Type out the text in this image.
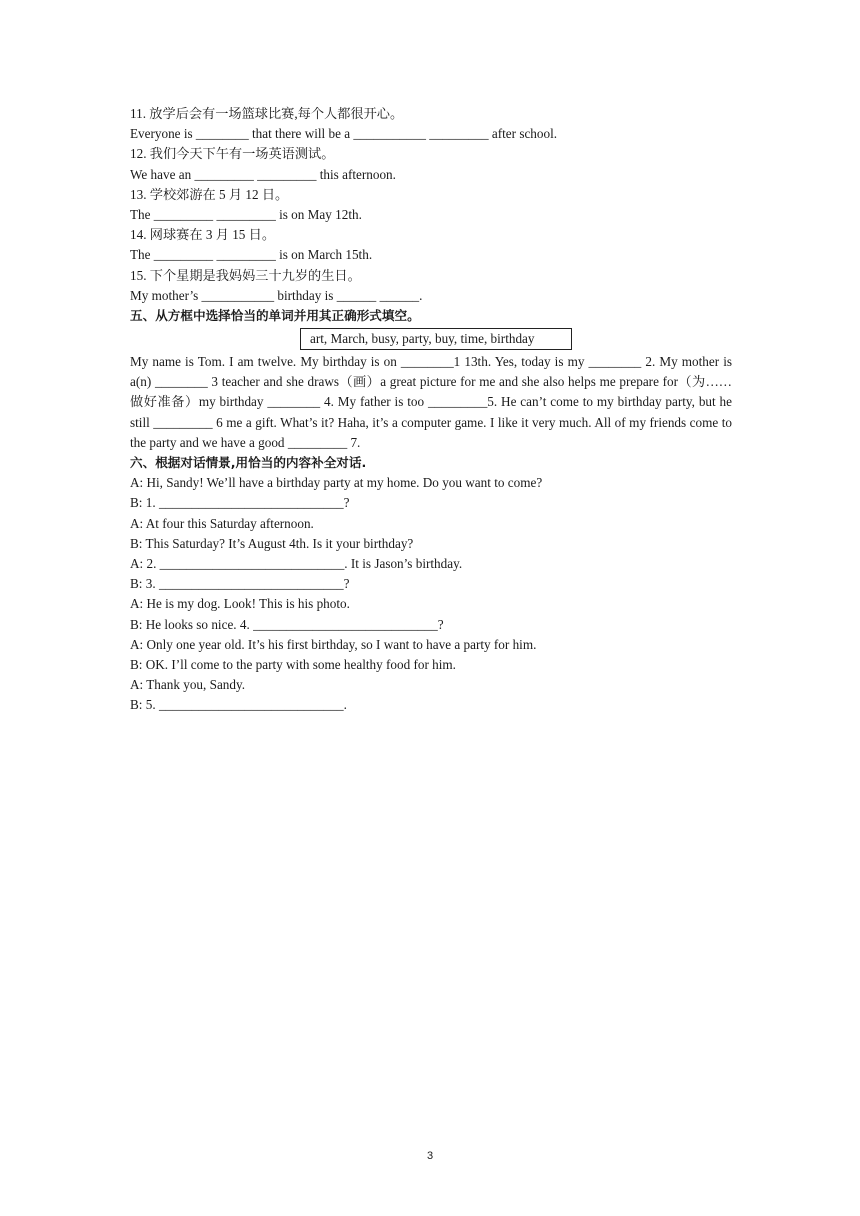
11. 放学后会有一场篮球比赛,每个人都很开心。
Everyone is ________ that there will be a ___________ _________ after school.
12. 我们今天下午有一场英语测试。
We have an _________ _________ this afternoon.
13. 学校郊游在 5 月 12 日。
The _________ _________ is on May 12th.
14. 网球赛在 3 月 15 日。
The _________ _________ is on March 15th.
15. 下个星期是我妈妈三十九岁的生日。
My mother’s ___________ birthday is ______ ______.
五、从方框中选择恰当的单词并用其正确形式填空。
art, March, busy, party, buy, time, birthday
My name is Tom. I am twelve. My birthday is on ________1 13th. Yes, today is my ________ 2. My mother is a(n) ________ 3 teacher and she draws（画）a great picture for me and she also helps me prepare for（为……做好准备）my birthday ________ 4. My father is too _________5. He can’t come to my birthday party, but he still _________ 6 me a gift. What’s it? Haha, it’s a computer game. I like it very much. All of my friends come to the party and we have a good _________ 7.
六、根据对话情景,用恰当的内容补全对话.
A: Hi, Sandy! We’ll have a birthday party at my home. Do you want to come?
B: 1. ____________________________?
A: At four this Saturday afternoon.
B: This Saturday? It’s August 4th. Is it your birthday?
A: 2. ____________________________. It is Jason’s birthday.
B: 3. ____________________________?
A: He is my dog. Look! This is his photo.
B: He looks so nice. 4. ____________________________?
A: Only one year old. It’s his first birthday, so I want to have a party for him.
B: OK. I’ll come to the party with some healthy food for him.
A: Thank you, Sandy.
B: 5. ____________________________.
3
